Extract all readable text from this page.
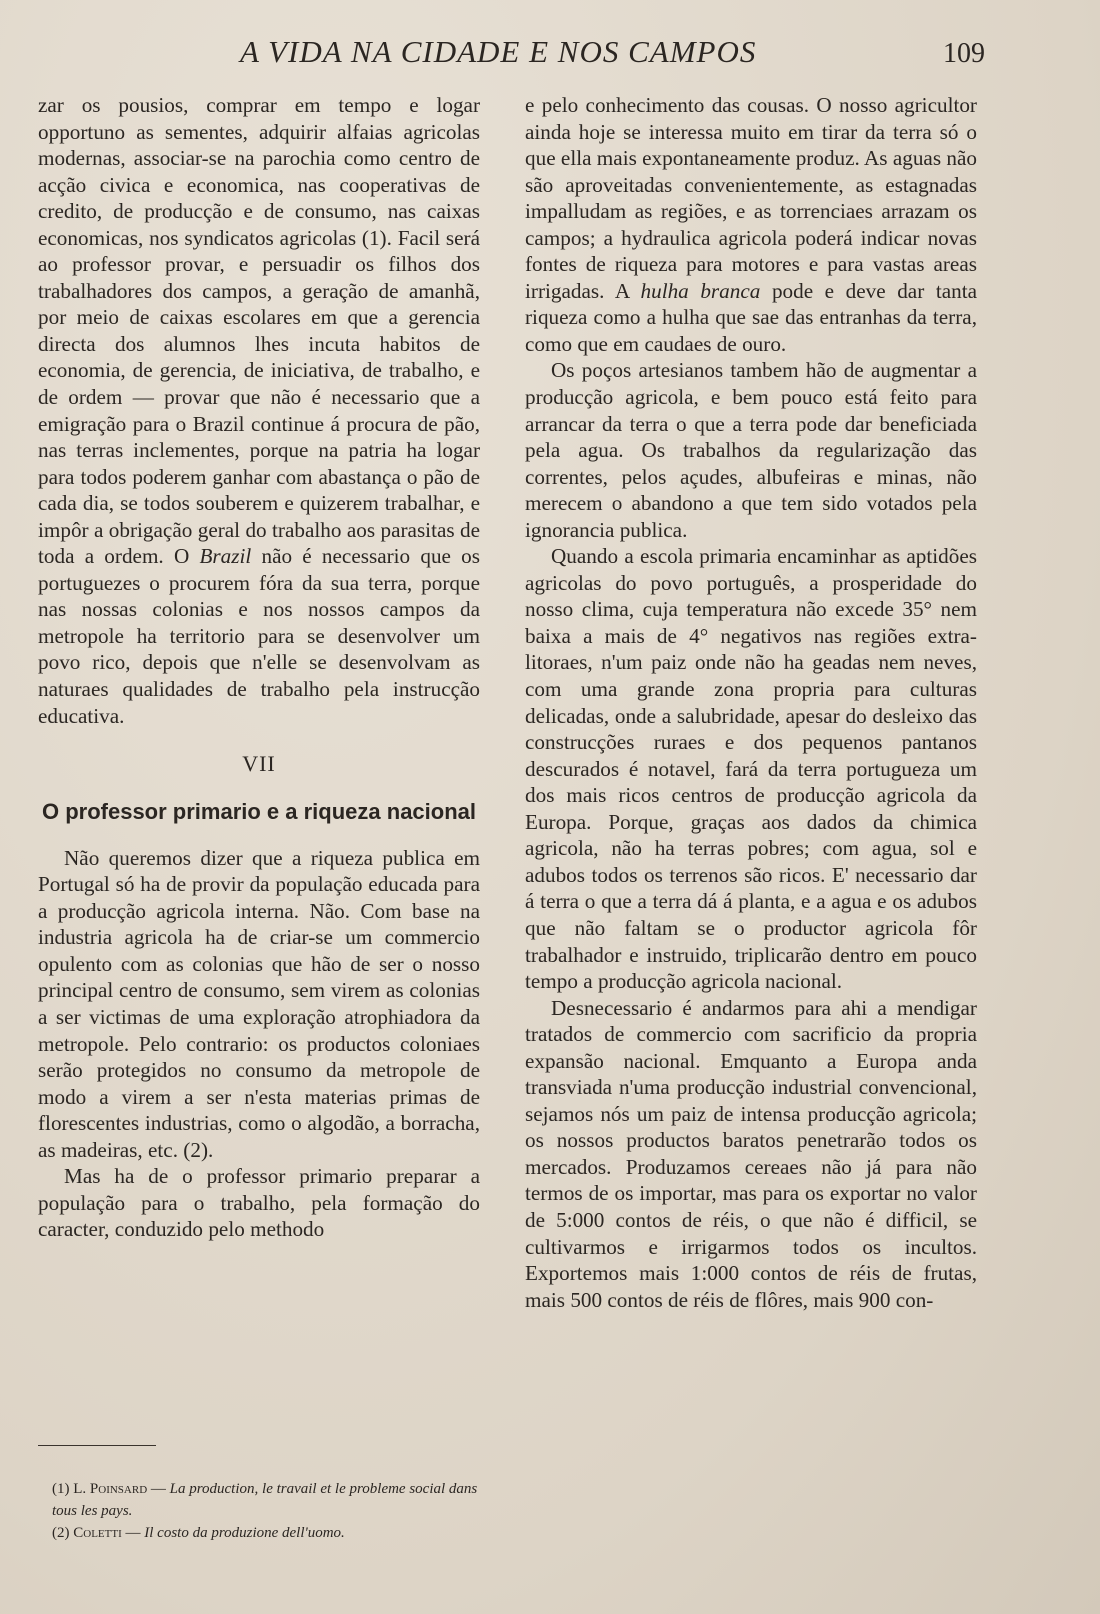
A VIDA NA CIDADE E NOS CAMPOS	109

zar os pousios, comprar em tempo e logar opportuno as sementes, adquirir alfaias agricolas modernas, associar-se na parochia como centro de acção civica e economica, nas cooperativas de credito, de producção e de consumo, nas caixas economicas, nos syndicatos agricolas (1). Facil será ao professor provar, e persuadir os filhos dos trabalhadores dos campos, a geração de amanhã, por meio de caixas escolares em que a gerencia directa dos alumnos lhes incuta habitos de economia, de gerencia, de iniciativa, de trabalho, e de ordem — provar que não é necessario que a emigração para o Brazil continue á procura de pão, nas terras inclementes, porque na patria ha logar para todos poderem ganhar com abastança o pão de cada dia, se todos souberem e quizerem trabalhar, e impôr a obrigação geral do trabalho aos parasitas de toda a ordem. O Brazil não é necessario que os portuguezes o procurem fóra da sua terra, porque nas nossas colonias e nos nossos campos da metropole ha territorio para se desenvolver um povo rico, depois que n'elle se desenvolvam as naturaes qualidades de trabalho pela instrucção educativa.

VII
O professor primario e a riqueza nacional

Não queremos dizer que a riqueza publica em Portugal só ha de provir da população educada para a producção agricola interna. Não. Com base na industria agricola ha de criar-se um commercio opulento com as colonias que hão de ser o nosso principal centro de consumo, sem virem as colonias a ser victimas de uma exploração atrophiadora da metropole. Pelo contrario: os productos coloniaes serão protegidos no consumo da metropole de modo a virem a ser n'esta materias primas de florescentes industrias, como o algodão, a borracha, as madeiras, etc. (2).

Mas ha de o professor primario preparar a população para o trabalho, pela formação do caracter, conduzido pelo methodo

e pelo conhecimento das cousas. O nosso agricultor ainda hoje se interessa muito em tirar da terra só o que ella mais expontaneamente produz. As aguas não são aproveitadas convenientemente, as estagnadas impalludam as regiões, e as torrenciaes arrazam os campos; a hydraulica agricola poderá indicar novas fontes de riqueza para motores e para vastas areas irrigadas. A hulha branca pode e deve dar tanta riqueza como a hulha que sae das entranhas da terra, como que em caudaes de ouro.

Os poços artesianos tambem hão de augmentar a producção agricola, e bem pouco está feito para arrancar da terra o que a terra pode dar beneficiada pela agua. Os trabalhos da regularização das correntes, pelos açudes, albufeiras e minas, não merecem o abandono a que tem sido votados pela ignorancia publica.

Quando a escola primaria encaminhar as aptidões agricolas do povo português, a prosperidade do nosso clima, cuja temperatura não excede 35° nem baixa a mais de 4° negativos nas regiões extra-litoraes, n'um paiz onde não ha geadas nem neves, com uma grande zona propria para culturas delicadas, onde a salubridade, apesar do desleixo das construcções ruraes e dos pequenos pantanos descurados é notavel, fará da terra portugueza um dos mais ricos centros de producção agricola da Europa. Porque, graças aos dados da chimica agricola, não ha terras pobres; com agua, sol e adubos todos os terrenos são ricos. E' necessario dar á terra o que a terra dá á planta, e a agua e os adubos que não faltam se o productor agricola fôr trabalhador e instruido, triplicarão dentro em pouco tempo a producção agricola nacional.

Desnecessario é andarmos para ahi a mendigar tratados de commercio com sacrificio da propria expansão nacional. Emquanto a Europa anda transviada n'uma producção industrial convencional, sejamos nós um paiz de intensa producção agricola; os nossos productos baratos penetrarão todos os mercados. Produzamos cereaes não já para não termos de os importar, mas para os exportar no valor de 5:000 contos de réis, o que não é difficil, se cultivarmos e irrigarmos todos os incultos. Exportemos mais 1:000 contos de réis de frutas, mais 500 contos de réis de flôres, mais 900 con-

(1) L. Poinsard — La production, le travail et le probleme social dans tous les pays.

(2) Coletti — Il costo da produzione dell'uomo.
